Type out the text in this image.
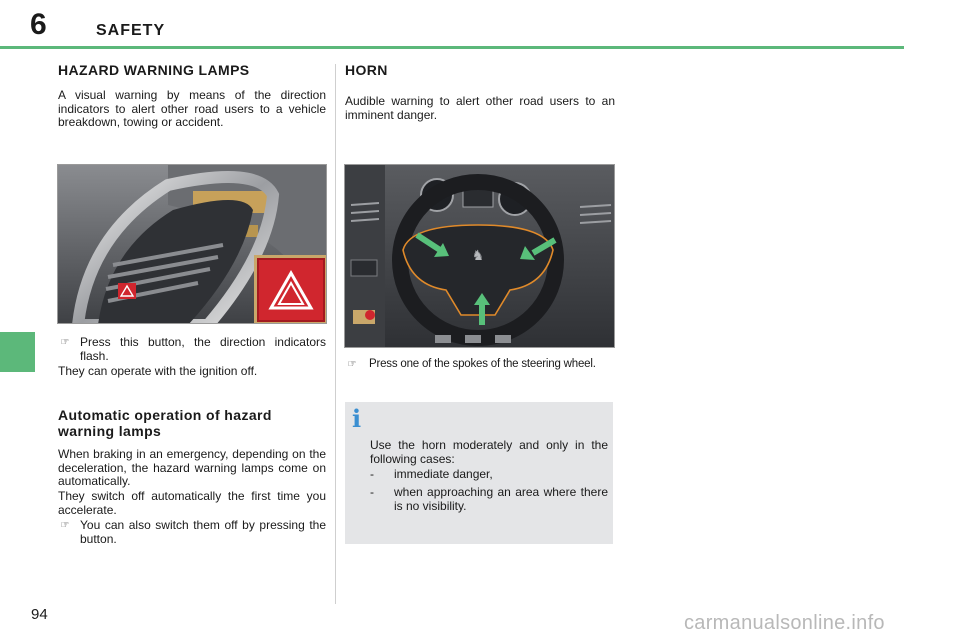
6	SAFETY
HAZARD WARNING LAMPS
A visual warning by means of the direction indicators to alert other road users to a vehicle breakdown, towing or accident.
☞ Press this button, the direction indicators flash.
They can operate with the ignition off.
Automatic operation of hazard warning lamps
When braking in an emergency, depending on the deceleration, the hazard warning lamps come on automatically.
They switch off automatically the first time you accelerate.
☞ You can also switch them off by pressing the button.
HORN
Audible warning to alert other road users to an imminent danger.
♞
☞	Press one of the spokes of the steering wheel.
i
Use the horn moderately and only in the following cases:
-	immediate danger,
-	when approaching an area where there is no visibility.
94	carmanualsonline.info
